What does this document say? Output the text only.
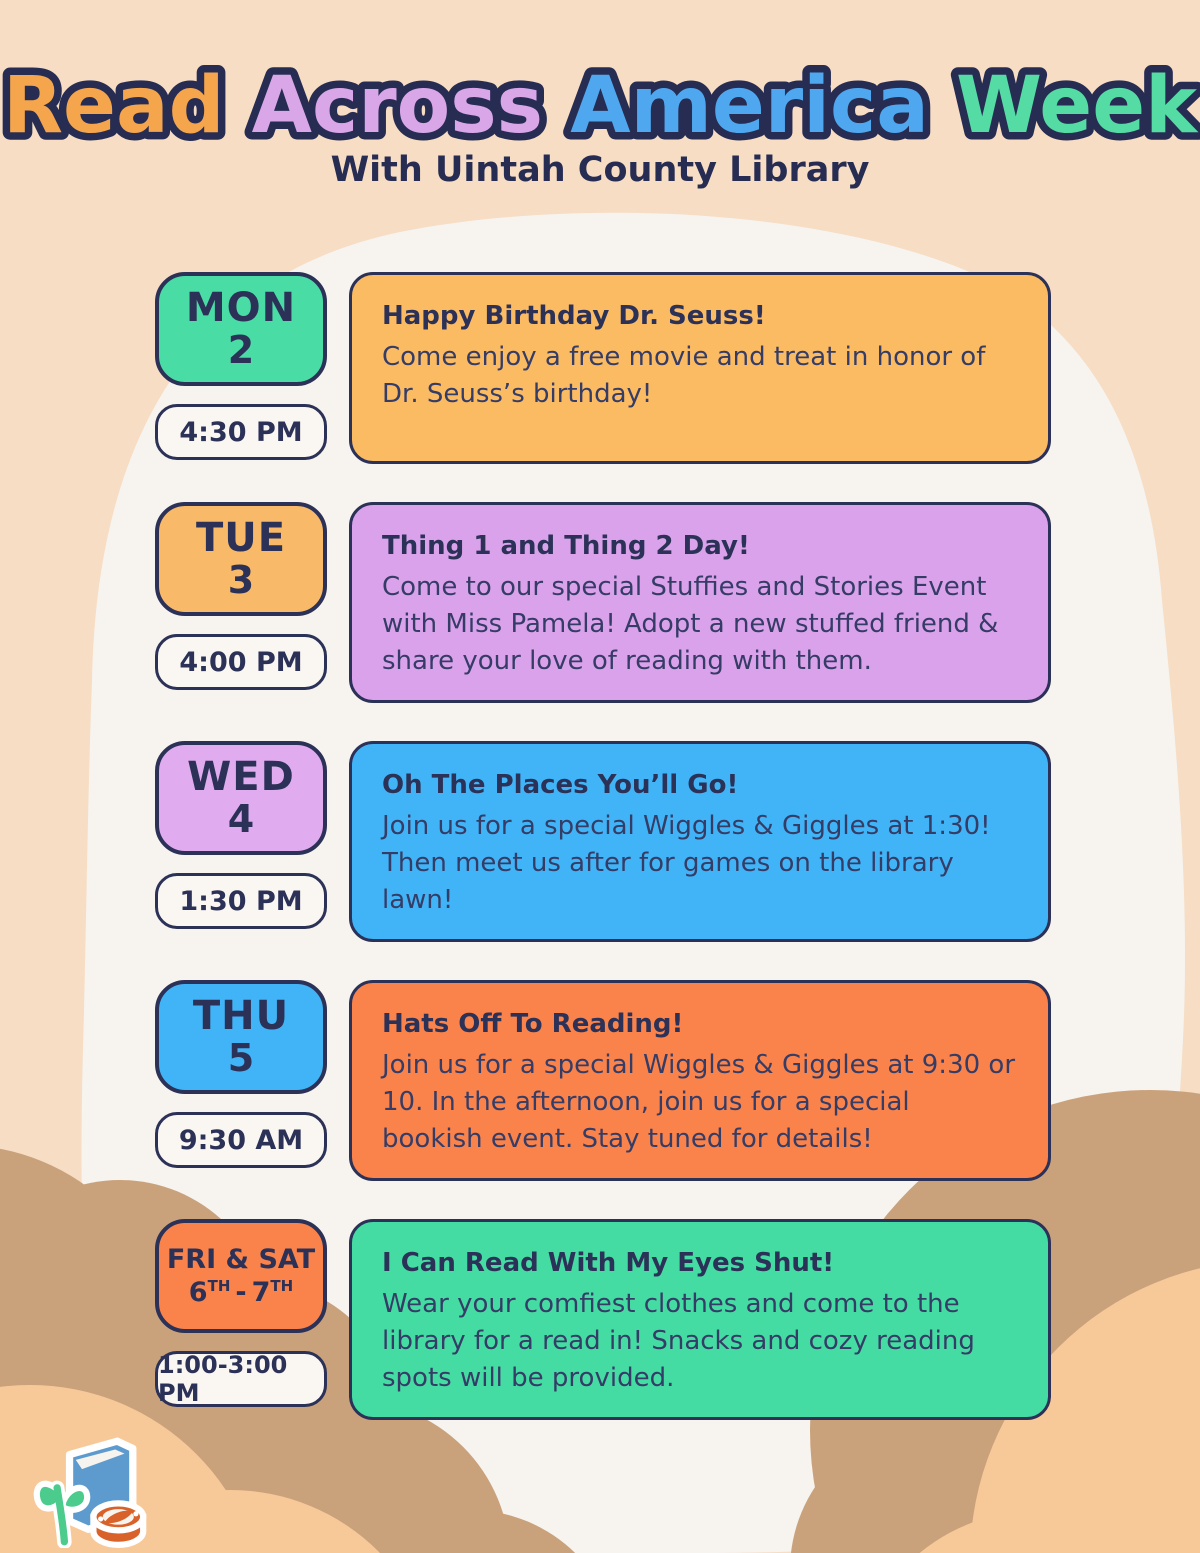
Read Across America Week
With Uintah County Library
MON
2
4:30 PM
Happy Birthday Dr. Seuss!

Come enjoy a free movie and treat in honor of Dr. Seuss’s birthday!

TUE
3
4:00 PM
Thing 1 and Thing 2 Day!

Come to our special Stuffies and Stories Event with Miss Pamela! Adopt a new stuffed friend & share your love of reading with them.

WED
4
1:30 PM
Oh The Places You’ll Go!

Join us for a special Wiggles & Giggles at 1:30! Then meet us after for games on the library lawn!

THU
5
9:30 AM
Hats Off To Reading!

Join us for a special Wiggles & Giggles at 9:30 or 10. In the afternoon, join us for a special bookish event. Stay tuned for details!

FRI & SAT
6TH - 7TH
1:00-3:00 PM
I Can Read With My Eyes Shut!

Wear your comfiest clothes and come to the library for a read in! Snacks and cozy reading spots will be provided.
